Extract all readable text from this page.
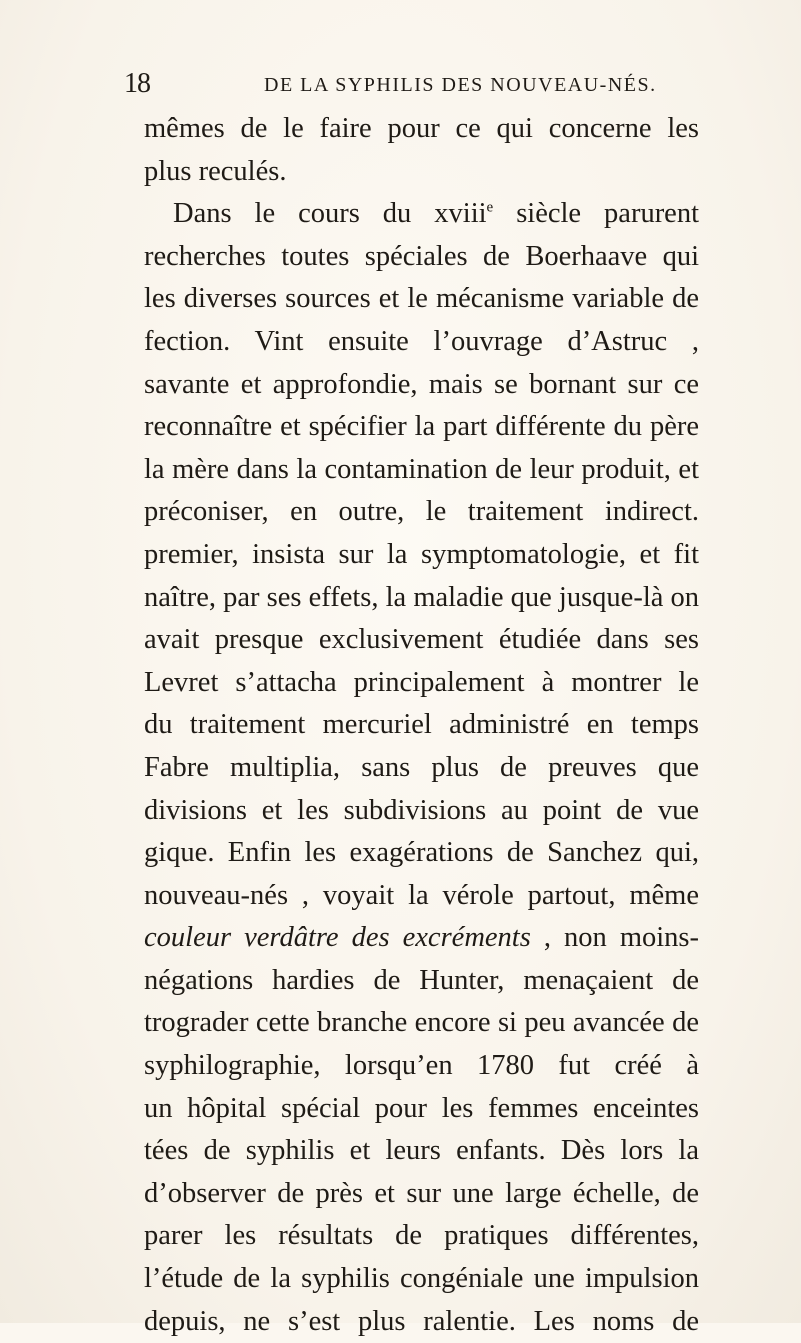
18	DE LA SYPHILIS DES NOUVEAU-NÉS.
mêmes de le faire pour ce qui concerne les
plus reculés.
Dans le cours du xviii$^e$ siècle parurent
recherches toutes spéciales de Boerhaave qui
les diverses sources et le mécanisme variable de
fection. Vint ensuite l’ouvrage d’Astruc ,
savante et approfondie, mais se bornant sur ce
reconnaître et spécifier la part différente du père
la mère dans la contamination de leur produit, et
préconiser, en outre, le traitement indirect.
premier, insista sur la symptomatologie, et fit
naître, par ses effets, la maladie que jusque-là on
avait presque exclusivement étudiée dans ses
Levret s’attacha principalement à montrer le
du traitement mercuriel administré en temps
Fabre multiplia, sans plus de preuves que
divisions et les subdivisions au point de vue
gique. Enfin les exagérations de Sanchez qui,
nouveau-nés , voyait la vérole partout, même
couleur verdâtre des excréments , non moins-
négations hardies de Hunter, menaçaient de
trograder cette branche encore si peu avancée de
syphilographie, lorsqu’en 1780 fut créé à
un hôpital spécial pour les femmes enceintes
tées de syphilis et leurs enfants. Dès lors la
d’observer de près et sur une large échelle, de
parer les résultats de pratiques différentes,
l’étude de la syphilis congéniale une impulsion
depuis, ne s’est plus ralentie. Les noms de
